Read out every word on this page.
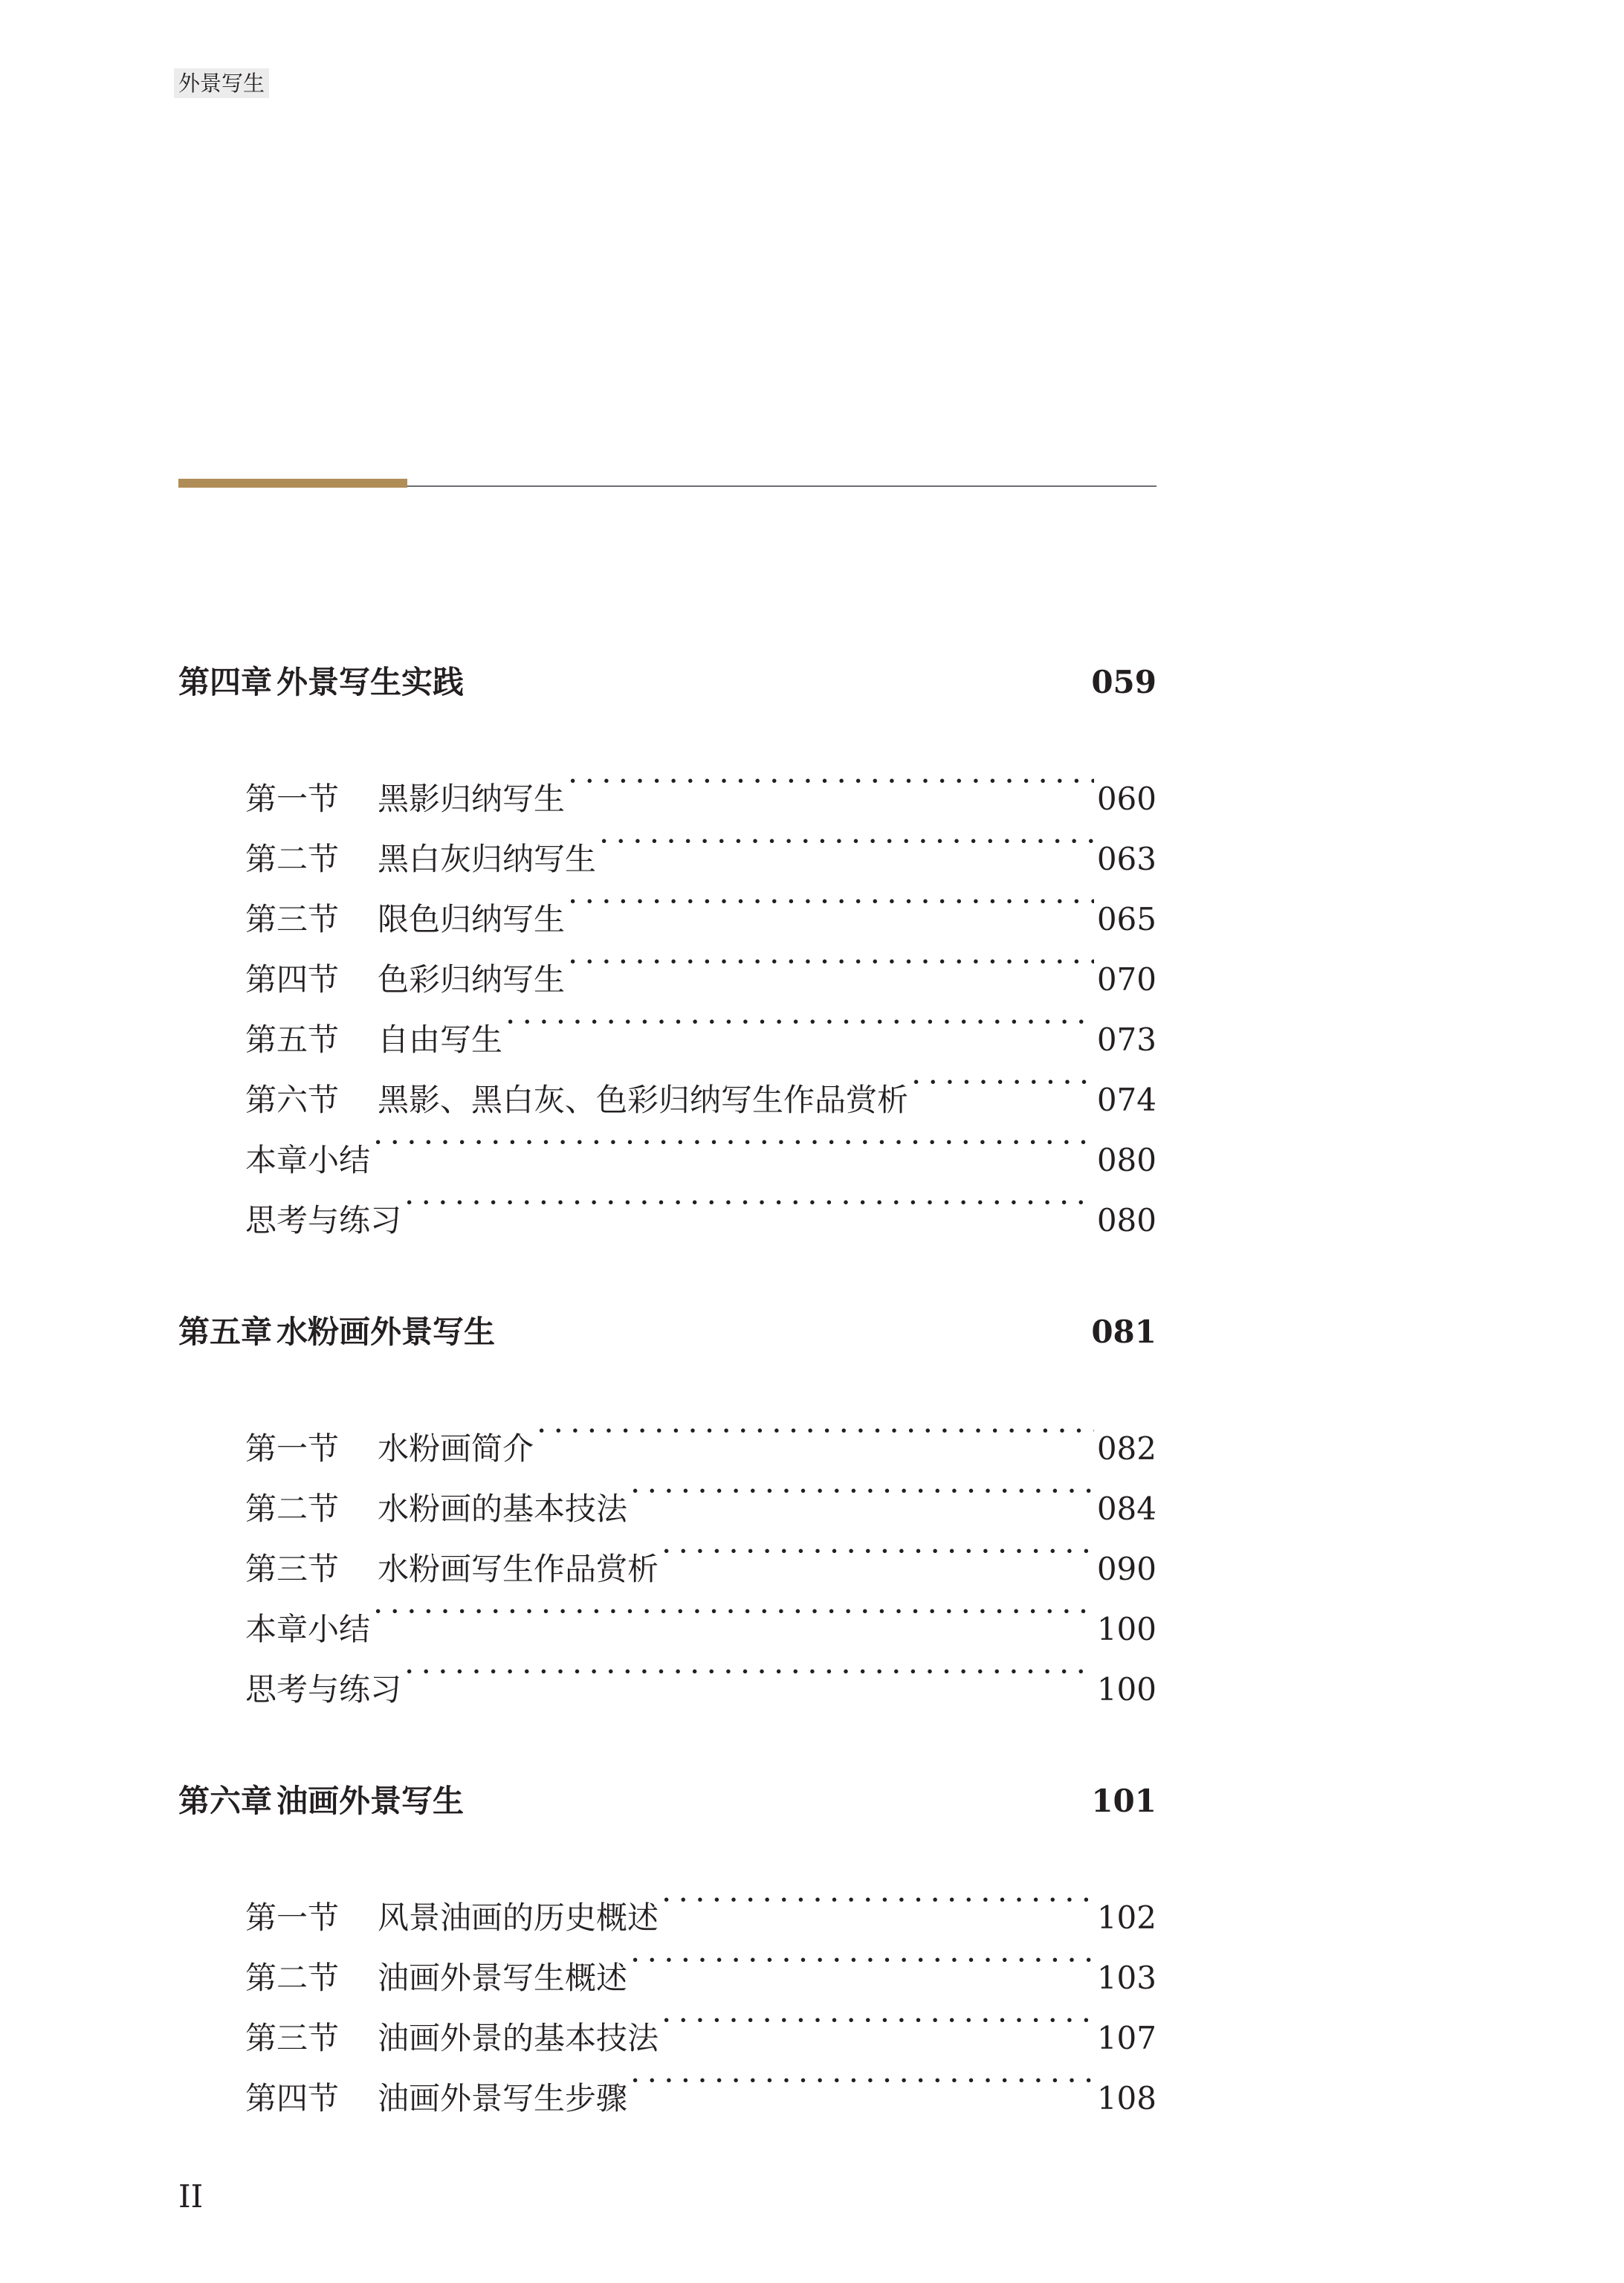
外景写生
第四章 外景写生实践 ·····	059
第一节	黑影归纳写生 ·····	060
第二节	黑白灰归纳写生 ·····	063
第三节	限色归纳写生 ·····	065
第四节	色彩归纳写生 ·····	070
第五节	自由写生 ·····	073
第六节	黑影、黑白灰、色彩归纳写生作品赏析 ·····	074
本章小结 ·····	080
思考与练习 ·····	080
第五章 水粉画外景写生 ·····	081
第一节	水粉画简介 ·····	082
第二节	水粉画的基本技法 ·····	084
第三节	水粉画写生作品赏析 ·····	090
本章小结 ·····	100
思考与练习 ·····	100
第六章 油画外景写生 ·····	101
第一节	风景油画的历史概述 ·····	102
第二节	油画外景写生概述 ·····	103
第三节	油画外景的基本技法 ·····	107
第四节	油画外景写生步骤 ·····	108
II
